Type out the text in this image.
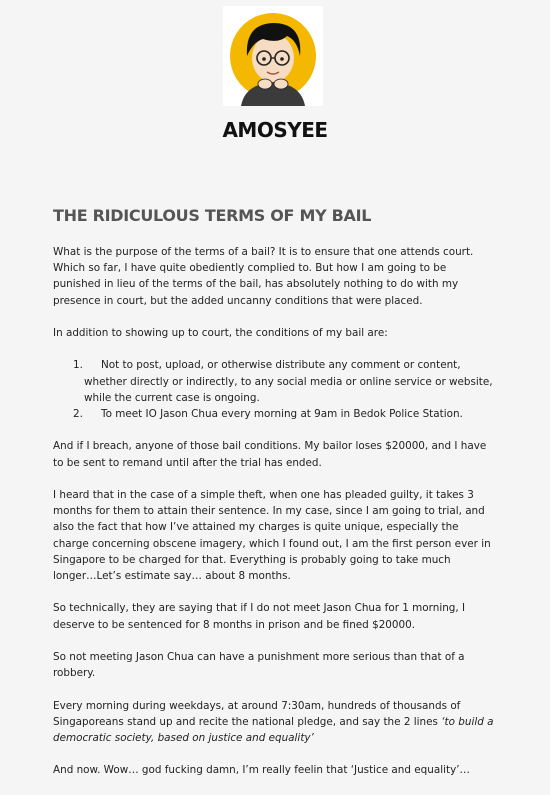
AMOSYEE
THE RIDICULOUS TERMS OF MY BAIL

What is the purpose of the terms of a bail? It is to ensure that one attends court. Which so far, I have quite obediently complied to. But how I am going to be punished in lieu of the terms of the bail, has absolutely nothing to do with my presence in court, but the added uncanny conditions that were placed.

In addition to showing up to court, the conditions of my bail are:

1.	Not to post, upload, or otherwise distribute any comment or content, whether directly or indirectly, to any social media or online service or website, while the current case is ongoing.
2.	To meet IO Jason Chua every morning at 9am in Bedok Police Station.

And if I breach, anyone of those bail conditions. My bailor loses $20000, and I have to be sent to remand until after the trial has ended.

I heard that in the case of a simple theft, when one has pleaded guilty, it takes 3 months for them to attain their sentence. In my case, since I am going to trial, and also the fact that how I’ve attained my charges is quite unique, especially the charge concerning obscene imagery, which I found out, I am the first person ever in Singapore to be charged for that. Everything is probably going to take much longer…Let’s estimate say… about 8 months.

So technically, they are saying that if I do not meet Jason Chua for 1 morning, I deserve to be sentenced for 8 months in prison and be fined $20000.

So not meeting Jason Chua can have a punishment more serious than that of a robbery.

Every morning during weekdays, at around 7:30am, hundreds of thousands of Singaporeans stand up and recite the national pledge, and say the 2 lines ‘to build a democratic society, based on justice and equality’

And now. Wow… god fucking damn, I’m really feelin that ‘Justice and equality’…
